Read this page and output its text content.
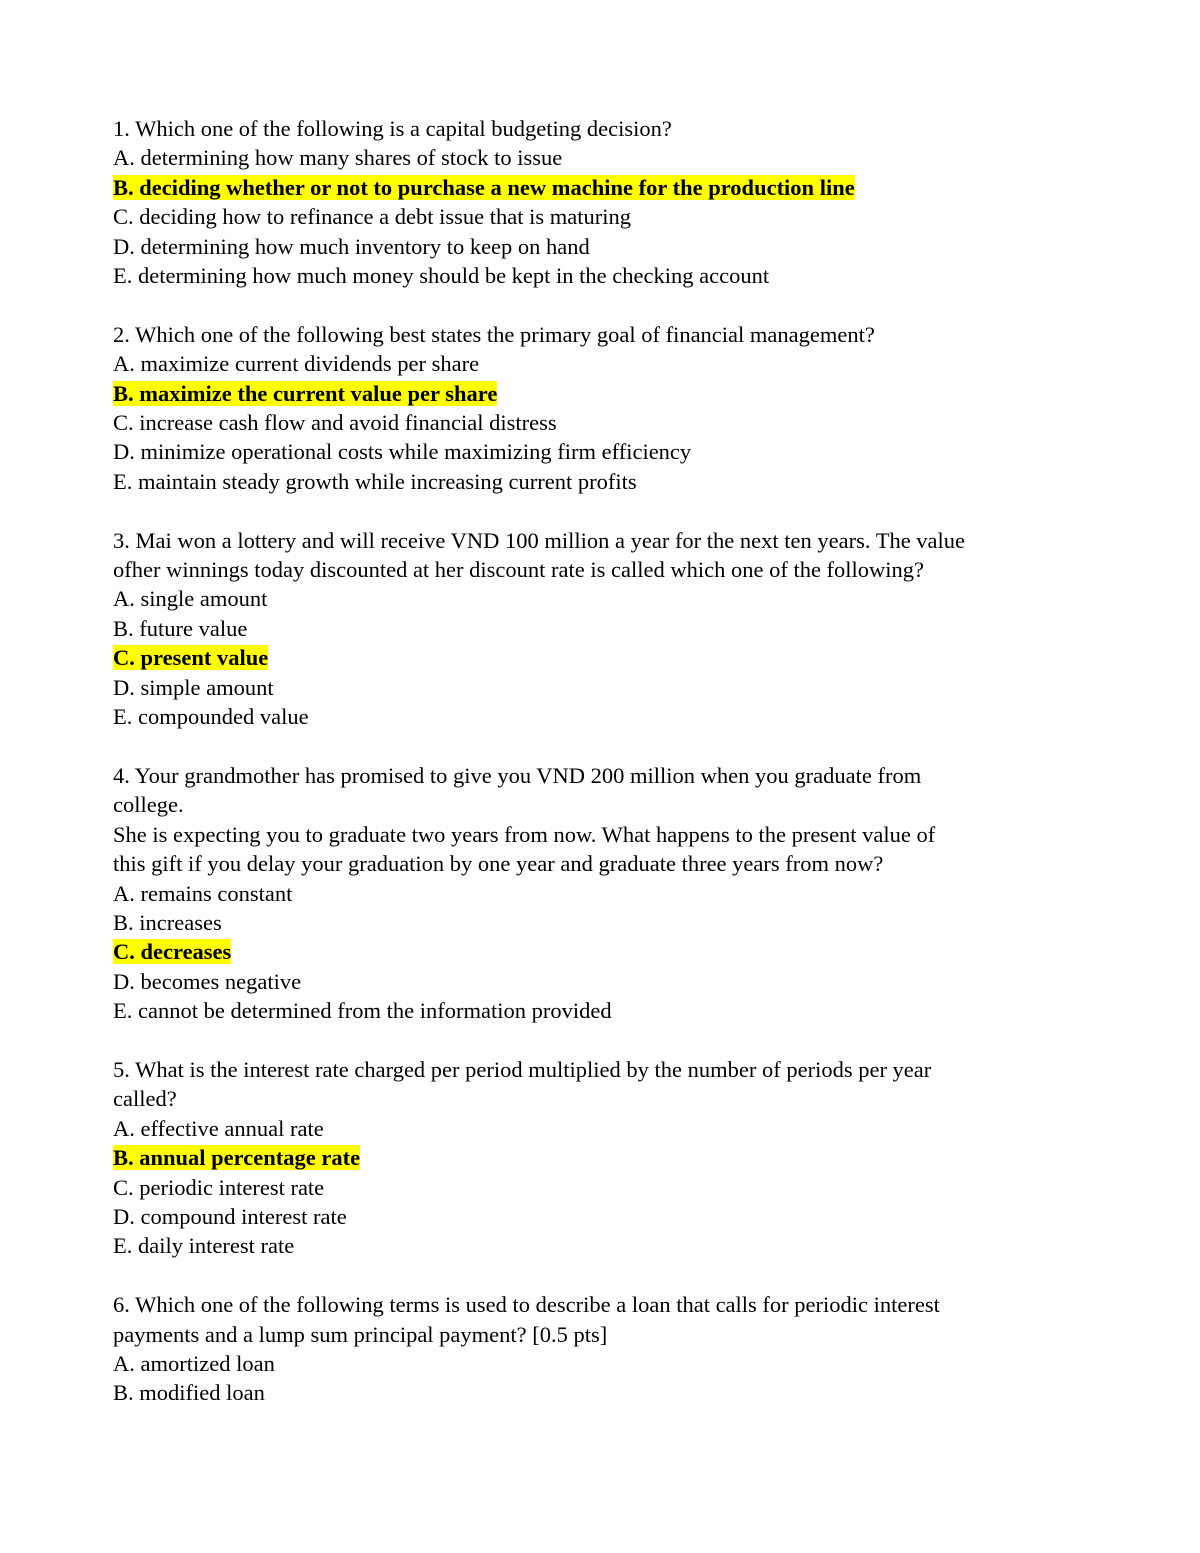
1. Which one of the following is a capital budgeting decision?
A. determining how many shares of stock to issue
B. deciding whether or not to purchase a new machine for the production line
C. deciding how to refinance a debt issue that is maturing
D. determining how much inventory to keep on hand
E. determining how much money should be kept in the checking account
2. Which one of the following best states the primary goal of financial management?
A. maximize current dividends per share
B. maximize the current value per share
C. increase cash flow and avoid financial distress
D. minimize operational costs while maximizing firm efficiency
E. maintain steady growth while increasing current profits
3. Mai won a lottery and will receive VND 100 million a year for the next ten years. The value
ofher winnings today discounted at her discount rate is called which one of the following?
A. single amount
B. future value
C. present value
D. simple amount
E. compounded value
4. Your grandmother has promised to give you VND 200 million when you graduate from
college.
She is expecting you to graduate two years from now. What happens to the present value of
this gift if you delay your graduation by one year and graduate three years from now?
A. remains constant
B. increases
C. decreases
D. becomes negative
E. cannot be determined from the information provided
5. What is the interest rate charged per period multiplied by the number of periods per year
called?
A. effective annual rate
B. annual percentage rate
C. periodic interest rate
D. compound interest rate
E. daily interest rate
6. Which one of the following terms is used to describe a loan that calls for periodic interest
payments and a lump sum principal payment? [0.5 pts]
A. amortized loan
B. modified loan
